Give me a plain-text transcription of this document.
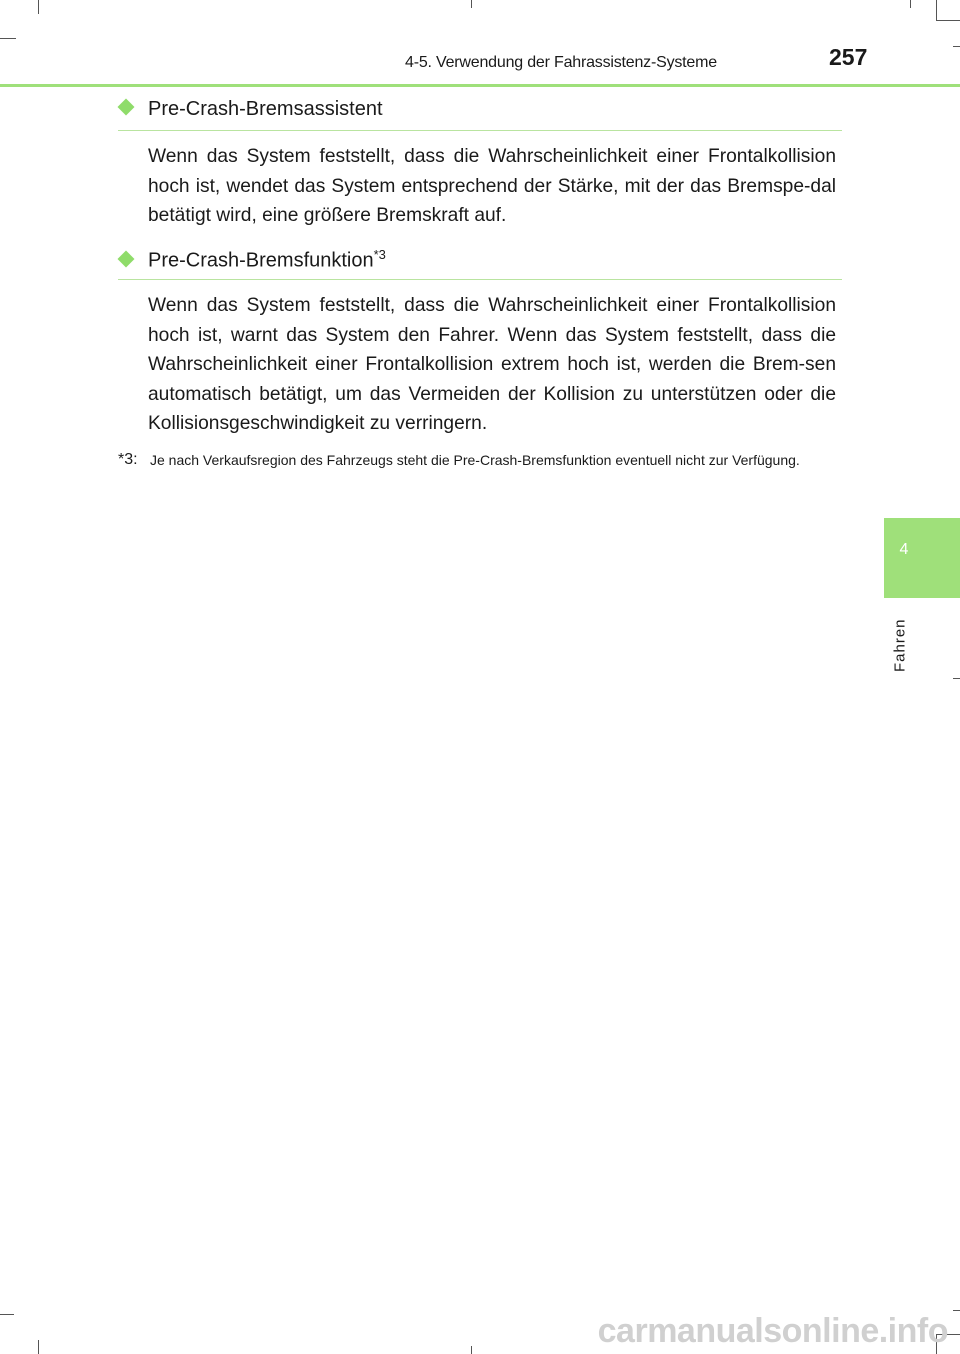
4-5. Verwendung der Fahrassistenz-Systeme	257
Pre-Crash-Bremsassistent
Wenn das System feststellt, dass die Wahrscheinlichkeit einer Frontalkollision hoch ist, wendet das System entsprechend der Stärke, mit der das Bremspe-dal betätigt wird, eine größere Bremskraft auf.
Pre-Crash-Bremsfunktion$^{*3}$
Wenn das System feststellt, dass die Wahrscheinlichkeit einer Frontalkollision hoch ist, warnt das System den Fahrer. Wenn das System feststellt, dass die Wahrscheinlichkeit einer Frontalkollision extrem hoch ist, werden die Brem-sen automatisch betätigt, um das Vermeiden der Kollision zu unterstützen oder die Kollisionsgeschwindigkeit zu verringern.
*3: Je nach Verkaufsregion des Fahrzeugs steht die Pre-Crash-Bremsfunktion eventuell nicht zur Verfügung.
4
Fahren
carmanualsonline.info
